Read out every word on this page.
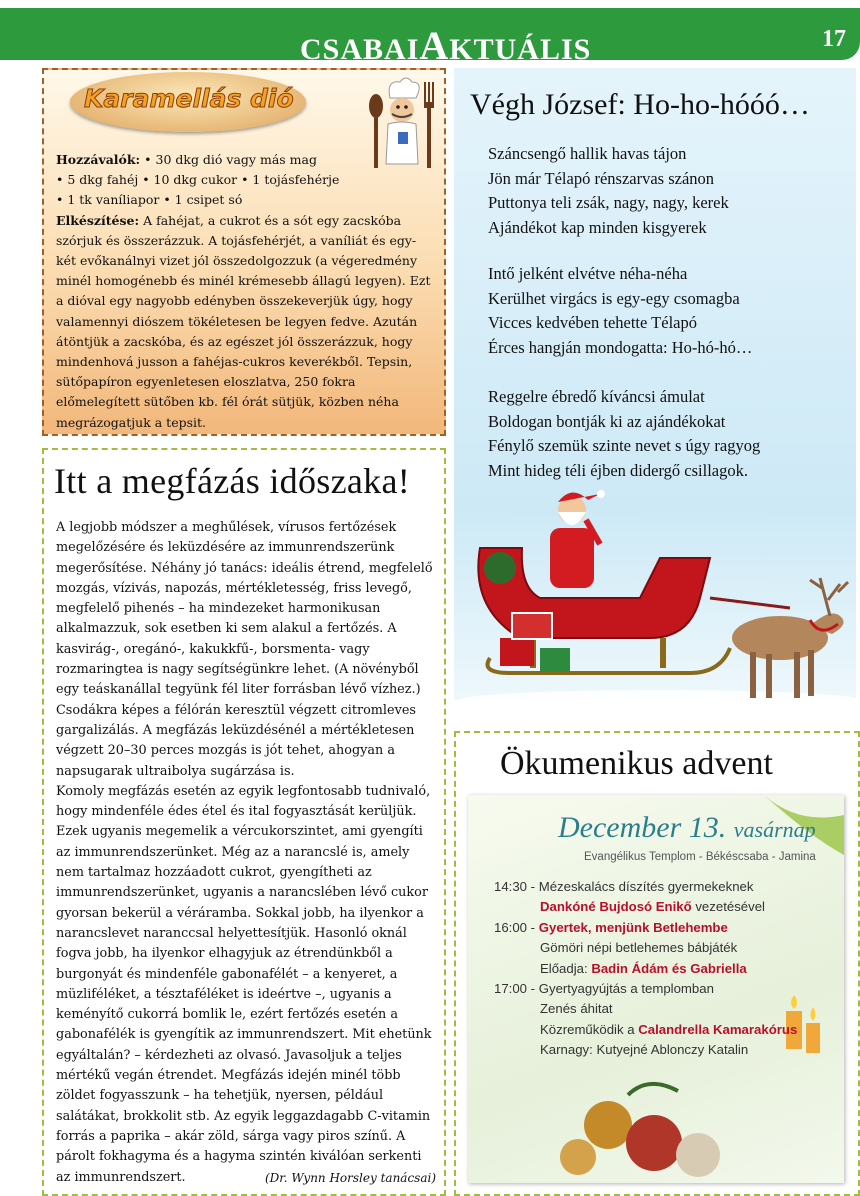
CSABAIAKTUÁLIS	17
Karamellás dió
Hozzávalók: • 30 dkg dió vagy más mag
• 5 dkg fahéj • 10 dkg cukor • 1 tojásfehérje
• 1 tk vaníliapor • 1 csipet só
Elkészítése: A fahéjat, a cukrot és a sót egy zacskóba szórjuk és összerázzuk. A tojásfehérjét, a vaníliát és egy-két evőkanálnyi vizet jól összedolgozzuk (a végeredmény minél homogénebb és minél krémesebb állagú legyen). Ezt a dióval egy nagyobb edényben összekeverjük úgy, hogy valamennyi diószem tökéletesen be legyen fedve. Azután átöntjük a zacskóba, és az egészet jól összerázzuk, hogy mindenhová jusson a fahéjas-cukros keverékből. Tepsin, sütőpapíron egyenletesen eloszlatva, 250 fokra előmelegített sütőben kb. fél órát sütjük, közben néha megrázogatjuk a tepsit.
Itt a megfázás időszaka!

A legjobb módszer a meghűlések, vírusos fertőzések megelőzésére és leküzdésére az immunrendszerünk megerősítése. Néhány jó tanács: ideális étrend, megfelelő mozgás, vízivás, napozás, mértékletesség, friss levegő, megfelelő pihenés – ha mindezeket harmonikusan alkalmazzuk, sok esetben ki sem alakul a fertőzés. A kasvirág-, oregánó-, kakukkfű-, borsmenta- vagy rozmaringtea is nagy segítségünkre lehet. (A növényből egy teáskanállal tegyünk fél liter forrásban lévő vízhez.) Csodákra képes a félórán keresztül végzett citromleves gargalizálás. A megfázás leküzdésénél a mértékletesen végzett 20–30 perces mozgás is jót tehet, ahogyan a napsugarak ultraibolya sugárzása is.

Komoly megfázás esetén az egyik legfontosabb tudnivaló, hogy mindenféle édes étel és ital fogyasztását kerüljük. Ezek ugyanis megemelik a vércukorszintet, ami gyengíti az immunrendszerünket. Még az a narancslé is, amely nem tartalmaz hozzáadott cukrot, gyengítheti az immunrendszerünket, ugyanis a narancslében lévő cukor gyorsan bekerül a véráramba. Sokkal jobb, ha ilyenkor a narancslevet naranccsal helyettesítjük. Hasonló oknál fogva jobb, ha ilyenkor elhagyjuk az étrendünkből a burgonyát és mindenféle gabonafélét – a kenyeret, a müzliféléket, a tésztaféléket is ideértve –, ugyanis a keményítő cukorrá bomlik le, ezért fertőzés esetén a gabonafélék is gyengítik az immunrendszert. Mit ehetünk egyáltalán? – kérdezheti az olvasó. Javasoljuk a teljes mértékű vegán étrendet. Megfázás idején minél több zöldet fogyasszunk – ha tehetjük, nyersen, például salátákat, brokkolit stb. Az egyik leggazdagabb C-vitamin forrás a paprika – akár zöld, sárga vagy piros színű. A párolt fokhagyma és a hagyma szintén kiválóan serkenti az immunrendszert.	(Dr. Wynn Horsley tanácsai)

Végh József: Ho-ho-hóóó…
Száncsengő hallik havas tájon
Jön már Télapó rénszarvas szánon
Puttonya teli zsák, nagy, nagy, kerek
Ajándékot kap minden kisgyerek
Intő jelként elvétve néha-néha
Kerülhet virgács is egy-egy csomagba
Vicces kedvében tehette Télapó
Érces hangján mondogatta: Ho-hó-hó…
Reggelre ébredő kíváncsi ámulat
Boldogan bontják ki az ajándékokat
Fénylő szemük szinte nevet s úgy ragyog
Mint hideg téli éjben didergő csillagok.
Ökumenikus advent
December 13. vasárnap
Evangélikus Templom - Békéscsaba - Jamina
14:30 - Mézeskalács díszítés gyermekeknek
Dankóné Bujdosó Enikő vezetésével
16:00 - Gyertek, menjünk Betlehembe
Gömöri népi betlehemes bábjáték
Előadja: Badin Ádám és Gabriella
17:00 - Gyertyagyújtás a templomban
Zenés áhitat
Közreműködik a Calandrella Kamarakórus
Karnagy: Kutyejné Ablonczy Katalin
